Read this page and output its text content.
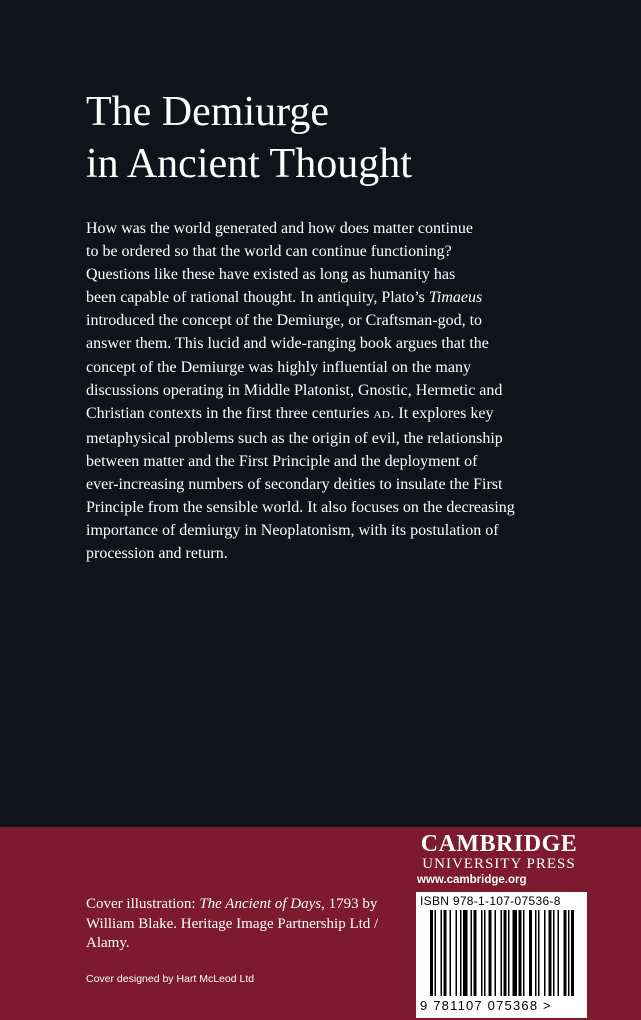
The Demiurge
in Ancient Thought
How was the world generated and how does matter continue
to be ordered so that the world can continue functioning?
Questions like these have existed as long as humanity has
been capable of rational thought. In antiquity, Plato’s Timaeus
introduced the concept of the Demiurge, or Craftsman-god, to
answer them. This lucid and wide-ranging book argues that the
concept of the Demiurge was highly influential on the many
discussions operating in Middle Platonist, Gnostic, Hermetic and
Christian contexts in the first three centuries AD. It explores key
metaphysical problems such as the origin of evil, the relationship
between matter and the First Principle and the deployment of
ever-increasing numbers of secondary deities to insulate the First
Principle from the sensible world. It also focuses on the decreasing
importance of demiurgy in Neoplatonism, with its postulation of
procession and return.
Cover illustration: The Ancient of Days, 1793 by
William Blake. Heritage Image Partnership Ltd /
Alamy.
Cover designed by Hart McLeod Ltd
CAMBRIDGE
UNIVERSITY PRESS
www.cambridge.org
ISBN 978-1-107-07536-8
9 781107 075368 >
